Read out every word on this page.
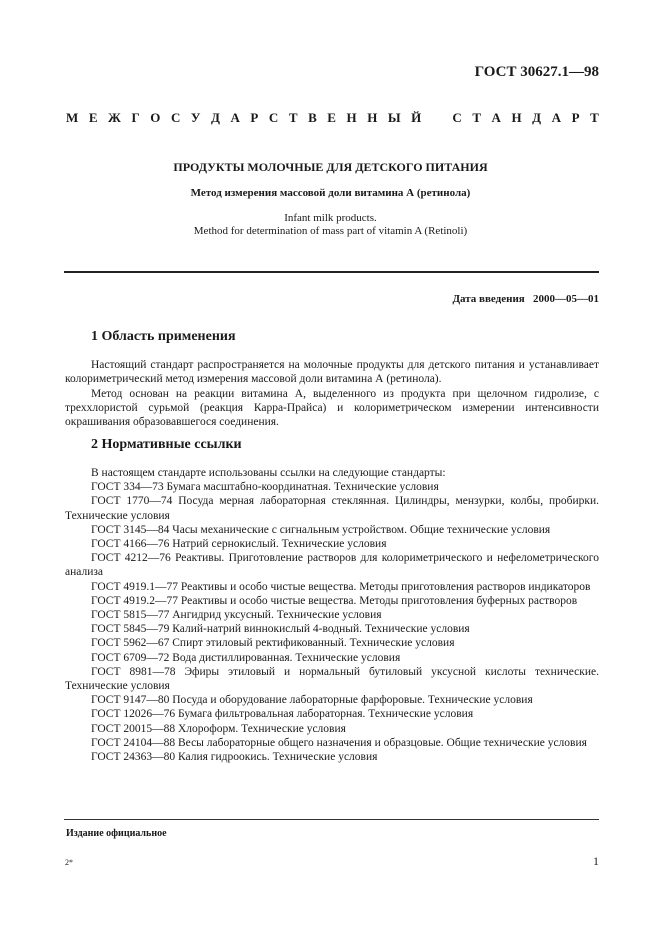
ГОСТ 30627.1—98
М Е Ж Г О С У Д А Р С Т В Е Н Н Ы Й С Т А Н Д А Р Т
ПРОДУКТЫ МОЛОЧНЫЕ ДЛЯ ДЕТСКОГО ПИТАНИЯ
Метод измерения массовой доли витамина А (ретинола)
Infant milk products.
Method for determination of mass part of vitamin A (Retinoli)
Дата введения   2000—05—01
1 Область применения

Настоящий стандарт распространяется на молочные продукты для детского питания и устанавливает колориметрический метод измерения массовой доли витамина А (ретинола).

Метод основан на реакции витамина А, выделенного из продукта при щелочном гидролизе, с треххлористой сурьмой (реакция Карра-Прайса) и колориметрическом измерении интенсивности окрашивания образовавшегося соединения.

2 Нормативные ссылки

В настоящем стандарте использованы ссылки на следующие стандарты:

ГОСТ 334—73 Бумага масштабно-координатная. Технические условия

ГОСТ 1770—74 Посуда мерная лабораторная стеклянная. Цилиндры, мензурки, колбы, пробирки. Технические условия

ГОСТ 3145—84 Часы механические с сигнальным устройством. Общие технические условия

ГОСТ 4166—76 Натрий сернокислый. Технические условия

ГОСТ 4212—76 Реактивы. Приготовление растворов для колориметрического и нефелометрического анализа

ГОСТ 4919.1—77 Реактивы и особо чистые вещества. Методы приготовления растворов индикаторов

ГОСТ 4919.2—77 Реактивы и особо чистые вещества. Методы приготовления буферных растворов

ГОСТ 5815—77 Ангидрид уксусный. Технические условия

ГОСТ 5845—79 Калий-натрий виннокислый 4-водный. Технические условия

ГОСТ 5962—67 Спирт этиловый ректификованный. Технические условия

ГОСТ 6709—72 Вода дистиллированная. Технические условия

ГОСТ 8981—78 Эфиры этиловый и нормальный бутиловый уксусной кислоты технические. Технические условия

ГОСТ 9147—80 Посуда и оборудование лабораторные фарфоровые. Технические условия

ГОСТ 12026—76 Бумага фильтровальная лабораторная. Технические условия

ГОСТ 20015—88 Хлороформ. Технические условия

ГОСТ 24104—88 Весы лабораторные общего назначения и образцовые. Общие технические условия

ГОСТ 24363—80 Калия гидроокись. Технические условия

Издание официальное
2*	1
